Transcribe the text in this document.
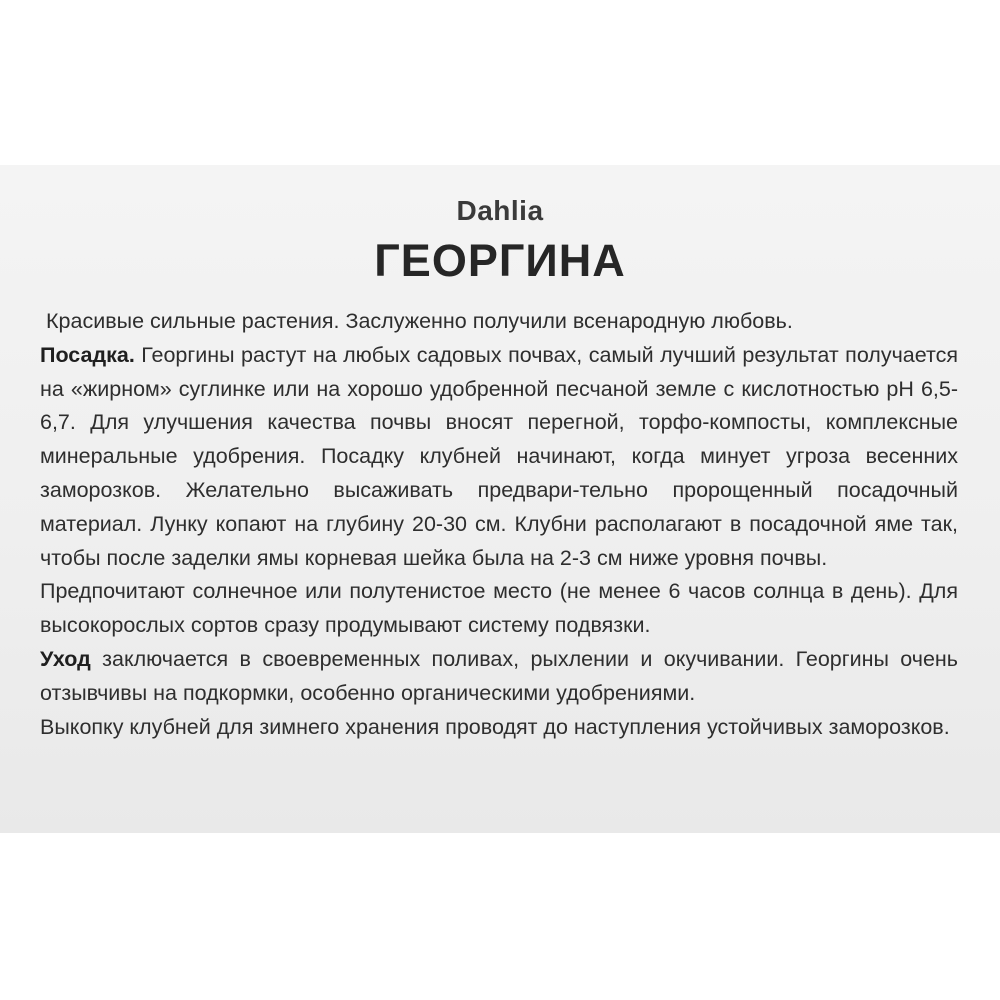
Dahlia
ГЕОРГИНА

Красивые сильные растения. Заслуженно получили всенародную любовь.

Посадка. Георгины растут на любых садовых почвах, самый лучший результат получается на «жирном» суглинке или на хорошо удобренной песчаной земле с кислотностью рН 6,5-6,7. Для улучшения качества почвы вносят перегной, торфо-компосты, комплексные минеральные удобрения. Посадку клубней начинают, когда минует угроза весенних заморозков. Желательно высаживать предвари-тельно пророщенный посадочный материал. Лунку копают на глубину 20-30 см. Клубни располагают в посадочной яме так, чтобы после заделки ямы корневая шейка была на 2-3 см ниже уровня почвы.

Предпочитают солнечное или полутенистое место (не менее 6 часов солнца в день). Для высокорослых сортов сразу продумывают систему подвязки.

Уход заключается в своевременных поливах, рыхлении и окучивании. Георгины очень отзывчивы на подкормки, особенно органическими удобрениями.

Выкопку клубней для зимнего хранения проводят до наступления устойчивых заморозков.
